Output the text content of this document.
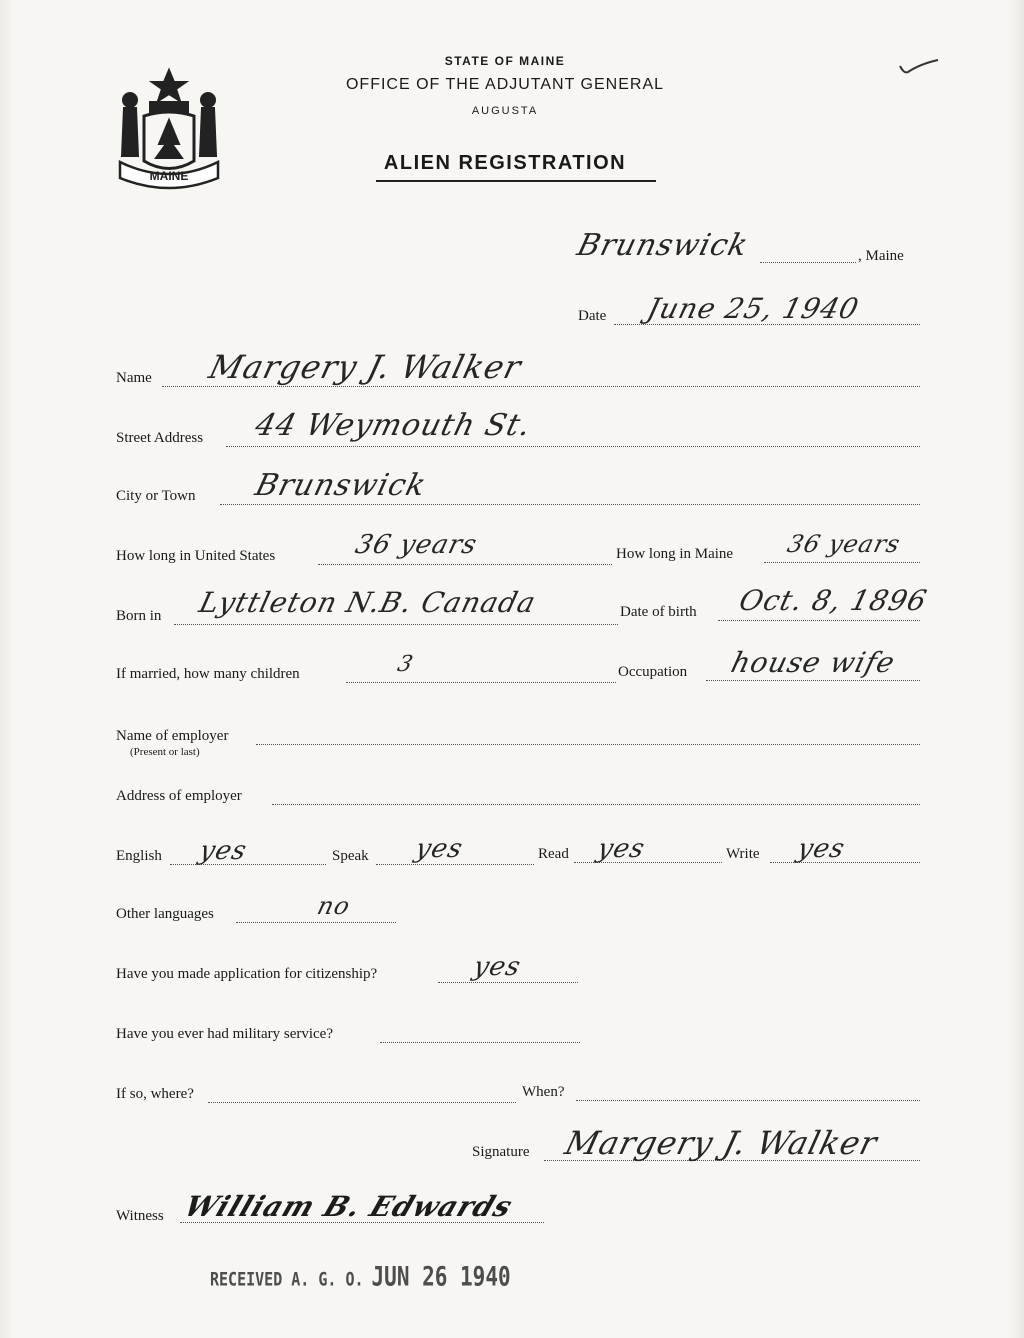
MAINE
STATE OF MAINE
OFFICE OF THE ADJUTANT GENERAL
AUGUSTA
ALIEN REGISTRATION
Brunswick	, Maine
Date June 25, 1940
Name Margery J. Walker
Street Address 44 Weymouth St.
City or Town Brunswick
How long in United States	36 years	How long in Maine 36 years
Born in Lyttleton N.B. Canada	Date of birth Oct. 8, 1896
If married, how many children	3	Occupation house wife
Name of employer
(Present or last)
Address of employer
English yes	Speak yes	Read yes	Write yes
Other languages	no
Have you made application for citizenship?	yes
Have you ever had military service?
If so, where?	When?
Signature Margery J. Walker
Witness William B. Edwards
RECEIVED A. G. O. JUN 26 1940
